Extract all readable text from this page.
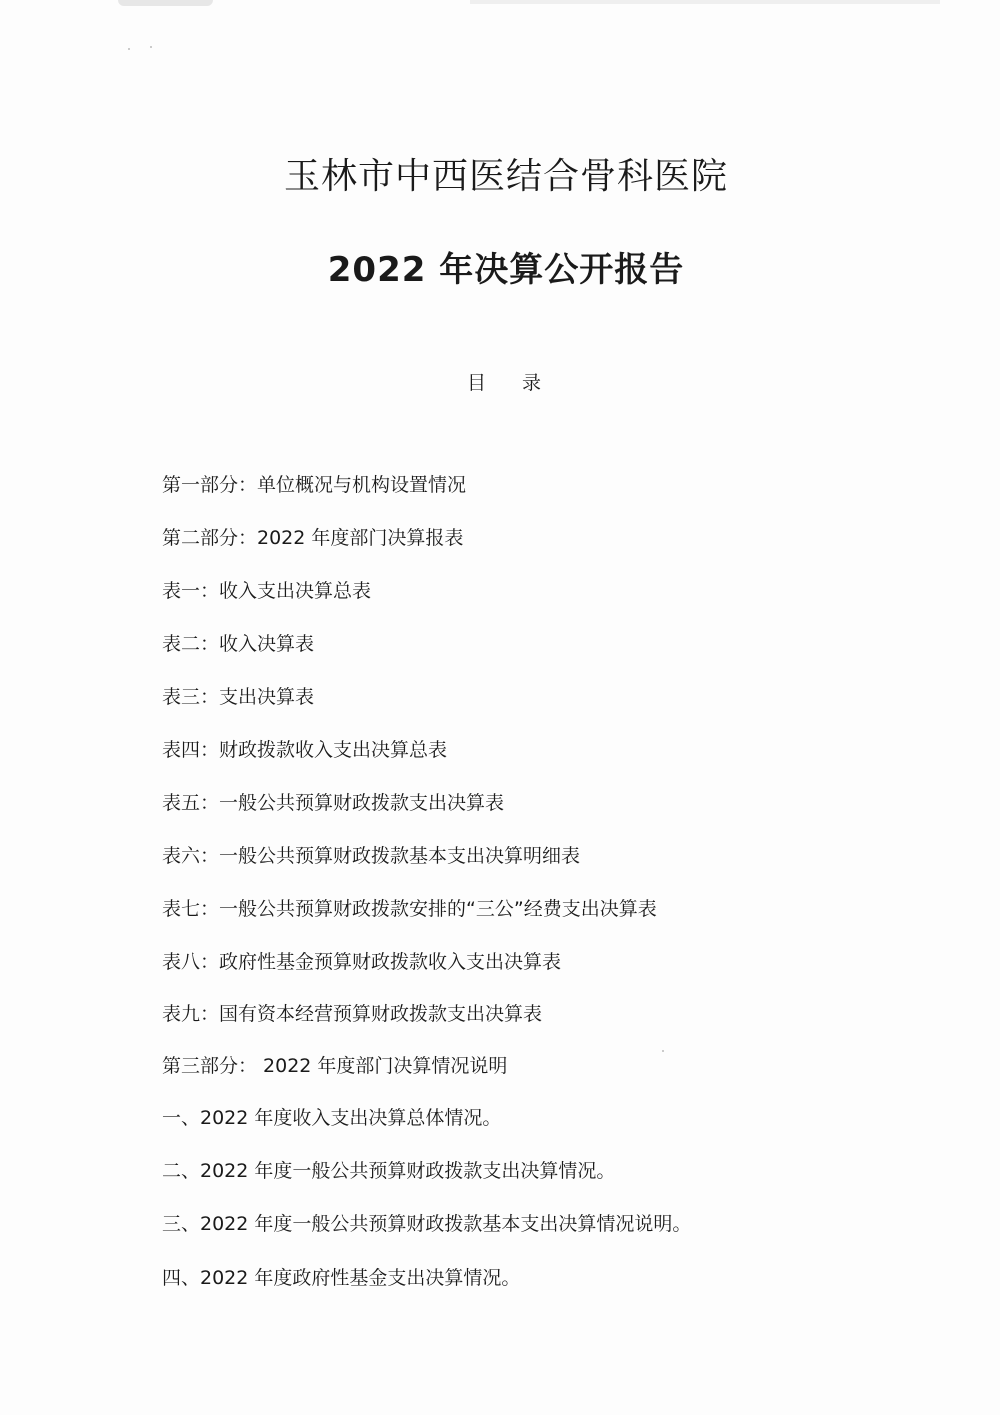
玉林市中西医结合骨科医院
2022 年决算公开报告
目录
第一部分：单位概况与机构设置情况
第二部分：2022 年度部门决算报表
表一：收入支出决算总表
表二：收入决算表
表三：支出决算表
表四：财政拨款收入支出决算总表
表五：一般公共预算财政拨款支出决算表
表六：一般公共预算财政拨款基本支出决算明细表
表七：一般公共预算财政拨款安排的“三公”经费支出决算表
表八：政府性基金预算财政拨款收入支出决算表
表九：国有资本经营预算财政拨款支出决算表
第三部分： 2022 年度部门决算情况说明
一、2022 年度收入支出决算总体情况。
二、2022 年度一般公共预算财政拨款支出决算情况。
三、2022 年度一般公共预算财政拨款基本支出决算情况说明。
四、2022 年度政府性基金支出决算情况。
